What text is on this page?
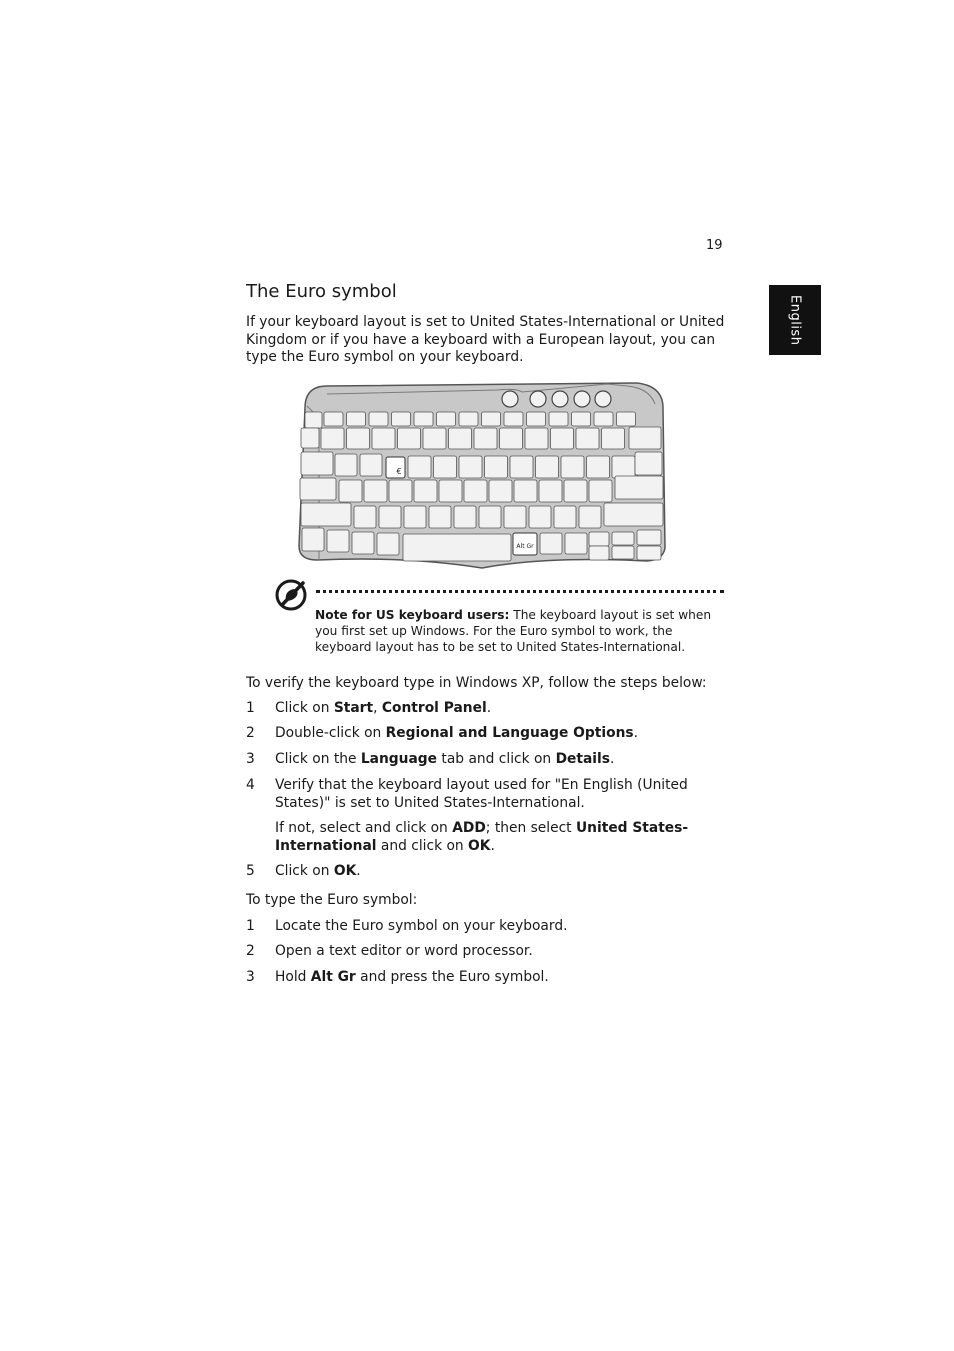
19
English
The Euro symbol

If your keyboard layout is set to United States-International or United Kingdom or if you have a keyboard with a European layout, you can type the Euro symbol on your keyboard.

€
Alt Gr

Note for US keyboard users: The keyboard layout is set when you first set up Windows. For the Euro symbol to work, the keyboard layout has to be set to United States-International.

To verify the keyboard type in Windows XP, follow the steps below:

1 Click on Start, Control Panel.

2 Double-click on Regional and Language Options.

3 Click on the Language tab and click on Details.

4 Verify that the keyboard layout used for "En English (United States)" is set to United States-International.

If not, select and click on ADD; then select United States-International and click on OK.

5 Click on OK.

To type the Euro symbol:

1 Locate the Euro symbol on your keyboard.

2 Open a text editor or word processor.

3 Hold Alt Gr and press the Euro symbol.
